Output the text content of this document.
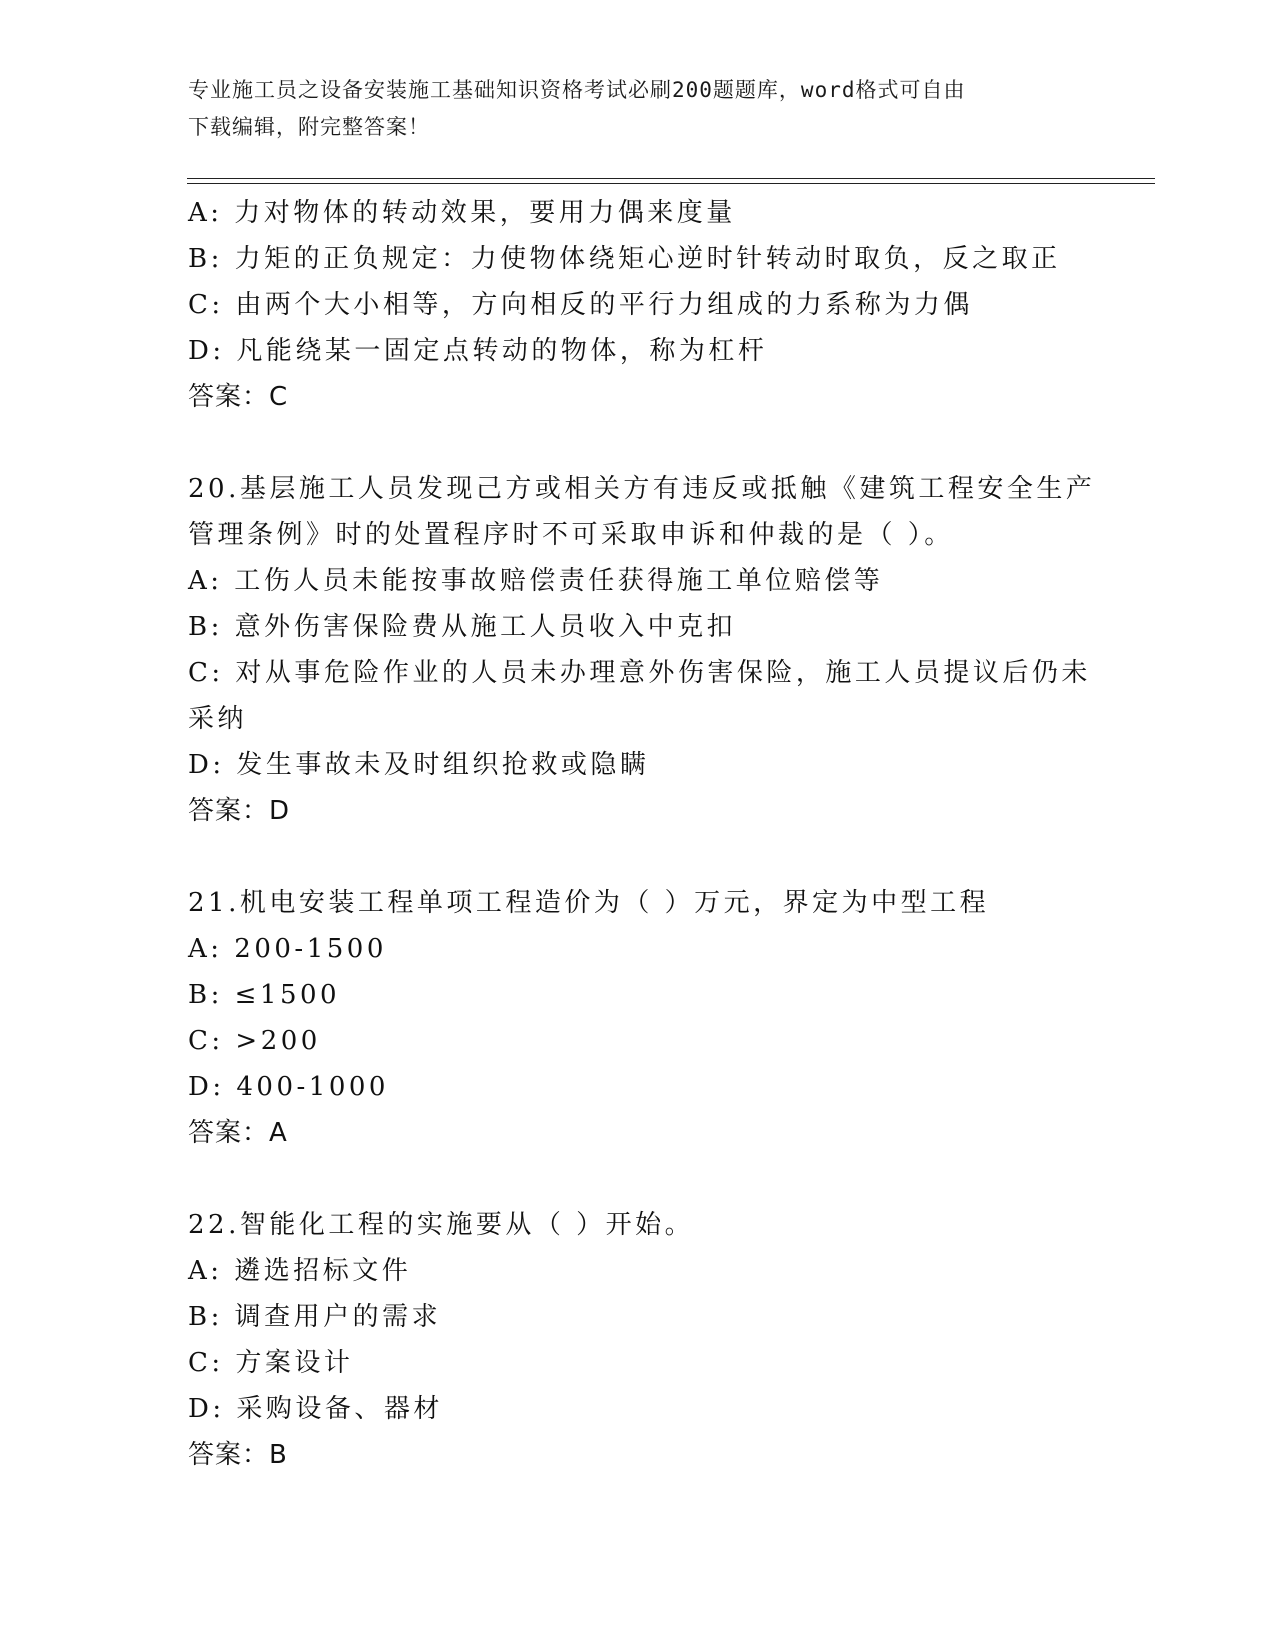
专业施工员之设备安装施工基础知识资格考试必刷200题题库，word格式可自由
下载编辑，附完整答案！
A: 力对物体的转动效果，要用力偶来度量
B: 力矩的正负规定：力使物体绕矩心逆时针转动时取负，反之取正
C: 由两个大小相等，方向相反的平行力组成的力系称为力偶
D: 凡能绕某一固定点转动的物体，称为杠杆
答案：C
20.基层施工人员发现己方或相关方有违反或抵触《建筑工程安全生产
管理条例》时的处置程序时不可采取申诉和仲裁的是（ ）。
A: 工伤人员未能按事故赔偿责任获得施工单位赔偿等
B: 意外伤害保险费从施工人员收入中克扣
C: 对从事危险作业的人员未办理意外伤害保险，施工人员提议后仍未
采纳
D: 发生事故未及时组织抢救或隐瞒
答案：D
21.机电安装工程单项工程造价为（ ）万元，界定为中型工程
A: 200-1500
B: ≤1500
C: >200
D: 400-1000
答案：A
22.智能化工程的实施要从（ ）开始。
A: 遴选招标文件
B: 调查用户的需求
C: 方案设计
D: 采购设备、器材
答案：B
